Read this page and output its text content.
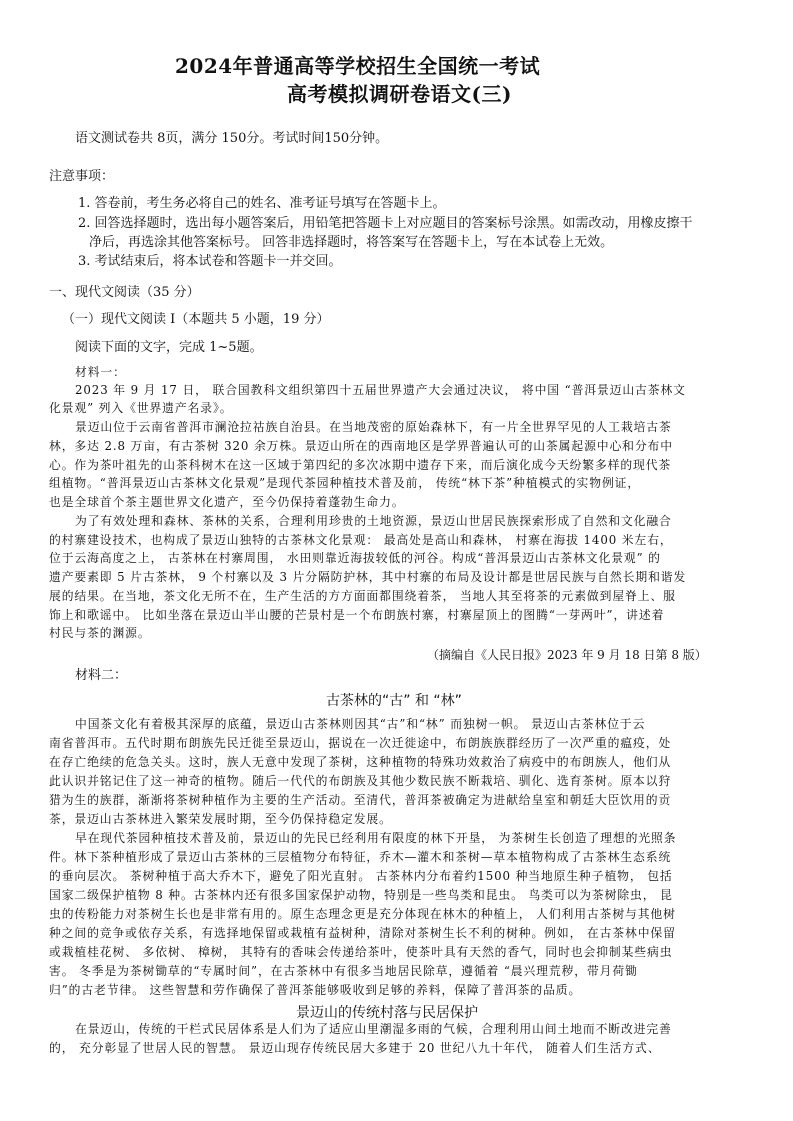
2024年普通高等学校招生全国统一考试
高考模拟调研卷语文(三)
语文测试卷共 8页，满分 150分。考试时间150分钟。
注意事项：
1. 答卷前，考生务必将自己的姓名、准考证号填写在答题卡上。
2. 回答选择题时，选出每小题答案后，用铅笔把答题卡上对应题目的答案标号涂黑。如需改动，用橡皮擦干
净后，再选涂其他答案标号。 回答非选择题时，将答案写在答题卡上，写在本试卷上无效。
3. 考试结束后，将本试卷和答题卡一并交回。
一、现代文阅读（35 分）
（一）现代文阅读 Ⅰ（本题共 5 小题，19 分）
阅读下面的文字，完成 1~5题。
材料一：
2023 年 9 月 17 日， 联合国教科文组织第四十五届世界遗产大会通过决议， 将中国 “普洱景迈山古茶林文
化景观” 列入《世界遗产名录》。
景迈山位于云南省普洱市澜沧拉祜族自治县。在当地茂密的原始森林下，有一片全世界罕见的人工栽培古茶
林，多达 2.8 万亩，有古茶树 320 余万株。景迈山所在的西南地区是学界普遍认可的山茶属起源中心和分布中
心。作为茶叶祖先的山茶科树木在这一区域于第四纪的多次冰期中遗存下来，而后演化成今天纷繁多样的现代茶
组植物。“普洱景迈山古茶林文化景观”是现代茶园种植技术普及前， 传统“林下茶”种植模式的实物例证，
也是全球首个茶主题世界文化遗产，至今仍保持着蓬勃生命力。
为了有效处理和森林、茶林的关系，合理利用珍贵的土地资源，景迈山世居民族探索形成了自然和文化融合
的村寨建设技术，也构成了景迈山独特的古茶林文化景观： 最高处是高山和森林， 村寨在海拔 1400 米左右，
位于云海高度之上， 古茶林在村寨周围， 水田则靠近海拔较低的河谷。构成“普洱景迈山古茶林文化景观” 的
遗产要素即 5 片古茶林， 9 个村寨以及 3 片分隔防护林，其中村寨的布局及设计都是世居民族与自然长期和谐发
展的结果。在当地，茶文化无所不在，生产生活的方方面面都围绕着茶， 当地人其至将茶的元素做到屋脊上、服
饰上和歌谣中。 比如坐落在景迈山半山腰的芒景村是一个布朗族村寨，村寨屋顶上的图腾“一芽两叶”，讲述着
村民与茶的渊源。
（摘编自《人民日报》2023 年 9 月 18 日第 8 版）
材料二：
古茶林的“古” 和 “林”
中国茶文化有着极其深厚的底蕴，景迈山古茶林则因其“古”和“林” 而独树一帜。 景迈山古茶林位于云
南省普洱市。五代时期布朗族先民迁徙至景迈山，据说在一次迁徙途中，布朗族族群经历了一次严重的瘟疫，处
在存亡绝续的危急关头。这时，族人无意中发现了茶树，这种植物的特殊功效救治了病疫中的布朗族人，他们从
此认识并铭记住了这一神奇的植物。随后一代代的布朗族及其他少数民族不断栽培、驯化、选育茶树。原本以狩
猎为生的族群，渐渐将茶树种植作为主要的生产活动。至清代，普洱茶被确定为进献给皇室和朝廷大臣饮用的贡
茶，景迈山古茶林进入繁荣发展时期，至今仍保持稳定发展。
早在现代茶园种植技术普及前，景迈山的先民已经利用有限度的林下开垦， 为茶树生长创造了理想的光照条
件。林下茶种植形成了景迈山古茶林的三层植物分布特征，乔木—灌木和茶树—草本植物构成了古茶林生态系统
的垂向层次。 茶树种植于高大乔木下，避免了阳光直射。 古茶林内分布着约1500 种当地原生种子植物， 包括
国家二级保护植物 8 种。古茶林内还有很多国家保护动物，特别是一些鸟类和昆虫。 鸟类可以为茶树除虫， 昆
虫的传粉能力对茶树生长也是非常有用的。原生态理念更是充分体现在林木的种植上， 人们利用古茶树与其他树
种之间的竞争或依存关系，有选择地保留或栽植有益树种，清除对茶树生长不利的树种。例如， 在古茶林中保留
或栽植桂花树、 多依树、 樟树， 其特有的香味会传递给茶叶，使茶叶具有天然的香气，同时也会抑制某些病虫
害。 冬季是为茶树锄草的“专属时间”，在古茶林中有很多当地居民除草，遵循着 “晨兴理荒秽，带月荷锄
归”的古老节律。 这些智慧和劳作确保了普洱茶能够吸收到足够的养料，保障了普洱茶的品质。
景迈山的传统村落与民居保护
在景迈山，传统的干栏式民居体系是人们为了适应山里潮湿多雨的气候，合理利用山间土地而不断改进完善
的， 充分彰显了世居人民的智慧。 景迈山现存传统民居大多建于 20 世纪八九十年代， 随着人们生活方式、
